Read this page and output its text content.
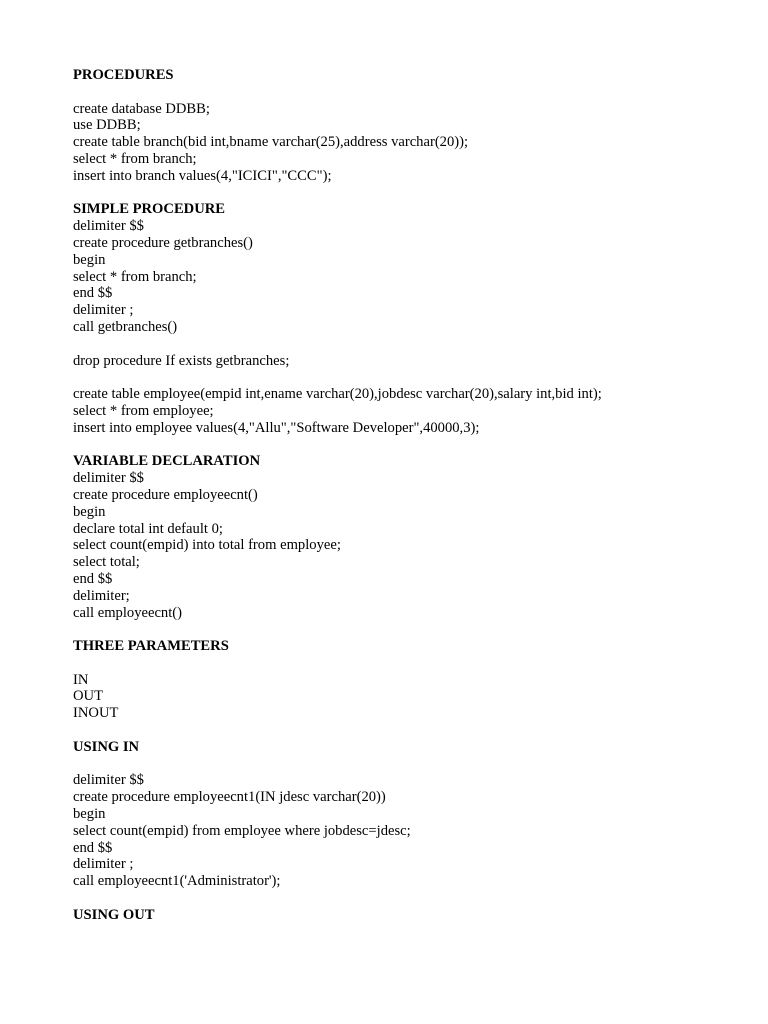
PROCEDURES
create database DDBB;
use DDBB;
create table branch(bid int,bname varchar(25),address varchar(20));
select * from branch;
insert into branch values(4,"ICICI","CCC");
SIMPLE PROCEDURE
delimiter $$
create procedure getbranches()
begin
select * from branch;
end $$
delimiter ;
call getbranches()
drop procedure If exists getbranches;
create table employee(empid int,ename varchar(20),jobdesc varchar(20),salary int,bid int);
select * from employee;
insert into employee values(4,"Allu","Software Developer",40000,3);
VARIABLE DECLARATION
delimiter $$
create procedure employeecnt()
begin
declare total int default 0;
select count(empid) into total from employee;
select total;
end $$
delimiter;
call employeecnt()
THREE PARAMETERS
IN
OUT
INOUT
USING IN
delimiter $$
create procedure employeecnt1(IN jdesc varchar(20))
begin
select count(empid) from employee where jobdesc=jdesc;
end $$
delimiter ;
call employeecnt1('Administrator');
USING OUT
